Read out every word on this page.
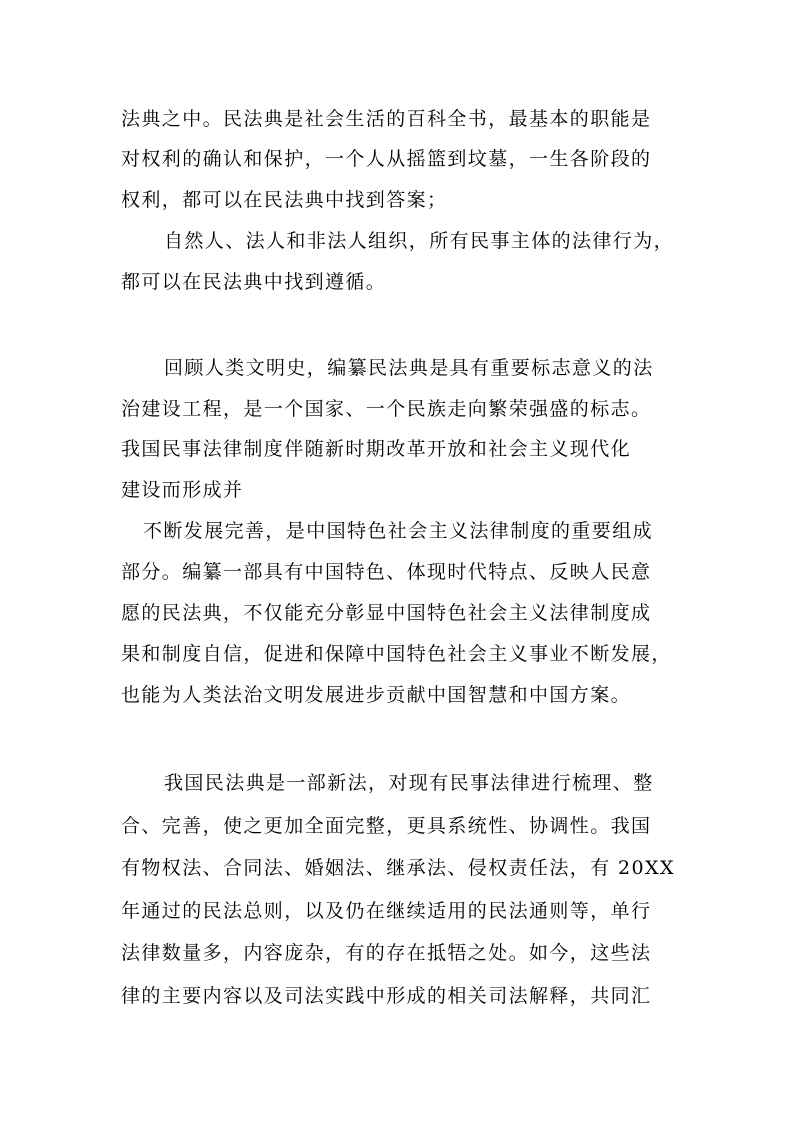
法典之中。民法典是社会生活的百科全书，最基本的职能是
对权利的确认和保护，一个人从摇篮到坟墓，一生各阶段的
权利，都可以在民法典中找到答案；
自然人、法人和非法人组织，所有民事主体的法律行为，
都可以在民法典中找到遵循。
回顾人类文明史，编纂民法典是具有重要标志意义的法
治建设工程，是一个国家、一个民族走向繁荣强盛的标志。
我国民事法律制度伴随新时期改革开放和社会主义现代化
建设而形成并
不断发展完善，是中国特色社会主义法律制度的重要组成
部分。编纂一部具有中国特色、体现时代特点、反映人民意
愿的民法典，不仅能充分彰显中国特色社会主义法律制度成
果和制度自信，促进和保障中国特色社会主义事业不断发展，
也能为人类法治文明发展进步贡献中国智慧和中国方案。
我国民法典是一部新法，对现有民事法律进行梳理、整
合、完善，使之更加全面完整，更具系统性、协调性。我国
有物权法、合同法、婚姻法、继承法、侵权责任法，有 20XX
年通过的民法总则，以及仍在继续适用的民法通则等，单行
法律数量多，内容庞杂，有的存在抵牾之处。如今，这些法
律的主要内容以及司法实践中形成的相关司法解释，共同汇
